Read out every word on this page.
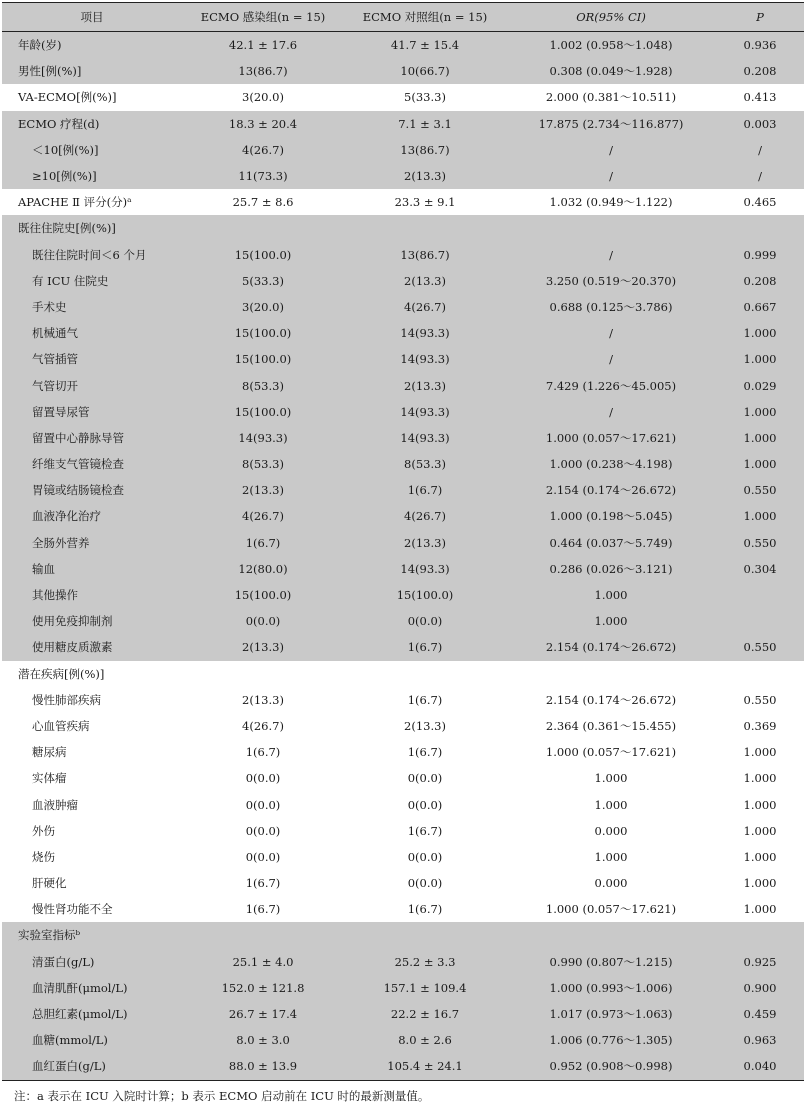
项目	ECMO 感染组(n = 15)	ECMO 对照组(n = 15)	OR(95% CI)	P
年龄(岁)	42.1 ± 17.6	41.7 ± 15.4	1.002 (0.958～1.048)	0.936
男性[例(%)]	13(86.7)	10(66.7)	0.308 (0.049～1.928)	0.208
VA-ECMO[例(%)]	3(20.0)	5(33.3)	2.000 (0.381～10.511)	0.413
ECMO 疗程(d)	18.3 ± 20.4	7.1 ± 3.1	17.875 (2.734～116.877)	0.003
＜10[例(%)]	4(26.7)	13(86.7)	/	/
≥10[例(%)]	11(73.3)	2(13.3)	/	/
APACHE Ⅱ 评分(分)ᵃ	25.7 ± 8.6	23.3 ± 9.1	1.032 (0.949～1.122)	0.465
既往住院史[例(%)]				
既往住院时间＜6 个月	15(100.0)	13(86.7)	/	0.999
有 ICU 住院史	5(33.3)	2(13.3)	3.250 (0.519～20.370)	0.208
手术史	3(20.0)	4(26.7)	0.688 (0.125～3.786)	0.667
机械通气	15(100.0)	14(93.3)	/	1.000
气管插管	15(100.0)	14(93.3)	/	1.000
气管切开	8(53.3)	2(13.3)	7.429 (1.226～45.005)	0.029
留置导尿管	15(100.0)	14(93.3)	/	1.000
留置中心静脉导管	14(93.3)	14(93.3)	1.000 (0.057～17.621)	1.000
纤维支气管镜检查	8(53.3)	8(53.3)	1.000 (0.238～4.198)	1.000
胃镜或结肠镜检查	2(13.3)	1(6.7)	2.154 (0.174～26.672)	0.550
血液净化治疗	4(26.7)	4(26.7)	1.000 (0.198～5.045)	1.000
全肠外营养	1(6.7)	2(13.3)	0.464 (0.037～5.749)	0.550
输血	12(80.0)	14(93.3)	0.286 (0.026～3.121)	0.304
其他操作	15(100.0)	15(100.0)	1.000	
使用免疫抑制剂	0(0.0)	0(0.0)	1.000	
使用糖皮质激素	2(13.3)	1(6.7)	2.154 (0.174～26.672)	0.550
潜在疾病[例(%)]				
慢性肺部疾病	2(13.3)	1(6.7)	2.154 (0.174～26.672)	0.550
心血管疾病	4(26.7)	2(13.3)	2.364 (0.361～15.455)	0.369
糖尿病	1(6.7)	1(6.7)	1.000 (0.057～17.621)	1.000
实体瘤	0(0.0)	0(0.0)	1.000	1.000
血液肿瘤	0(0.0)	0(0.0)	1.000	1.000
外伤	0(0.0)	1(6.7)	0.000	1.000
烧伤	0(0.0)	0(0.0)	1.000	1.000
肝硬化	1(6.7)	0(0.0)	0.000	1.000
慢性肾功能不全	1(6.7)	1(6.7)	1.000 (0.057～17.621)	1.000
实验室指标ᵇ				
清蛋白(g/L)	25.1 ± 4.0	25.2 ± 3.3	0.990 (0.807～1.215)	0.925
血清肌酐(μmol/L)	152.0 ± 121.8	157.1 ± 109.4	1.000 (0.993～1.006)	0.900
总胆红素(μmol/L)	26.7 ± 17.4	22.2 ± 16.7	1.017 (0.973～1.063)	0.459
血糖(mmol/L)	8.0 ± 3.0	8.0 ± 2.6	1.006 (0.776～1.305)	0.963
血红蛋白(g/L)	88.0 ± 13.9	105.4 ± 24.1	0.952 (0.908～0.998)	0.040
注：a 表示在 ICU 入院时计算；b 表示 ECMO 启动前在 ICU 时的最新测量值。
